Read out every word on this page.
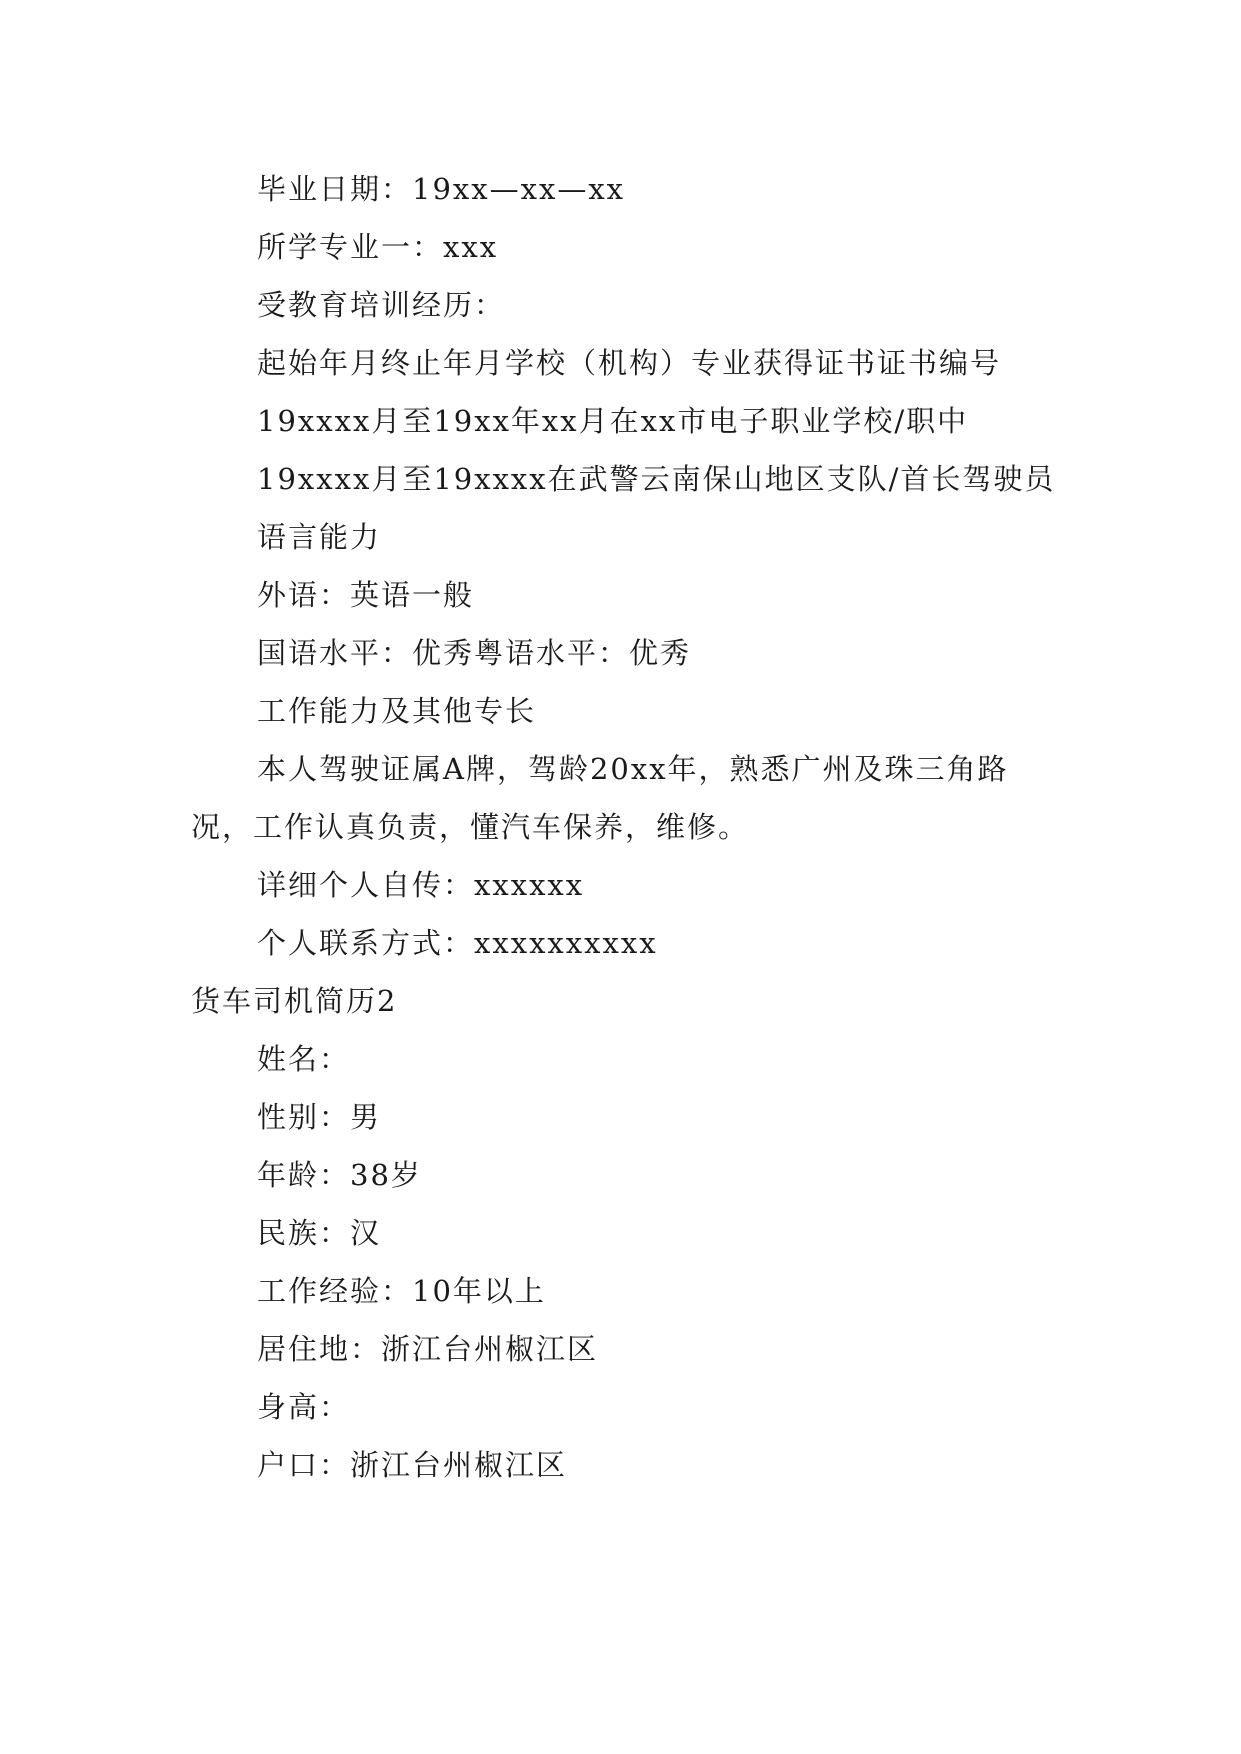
毕业日期：19xx—xx—xx

所学专业一：xxx

受教育培训经历：

起始年月终止年月学校（机构）专业获得证书证书编号

19xxxx月至19xx年xx月在xx市电子职业学校/职中

19xxxx月至19xxxx在武警云南保山地区支队/首长驾驶员

语言能力

外语：英语一般

国语水平：优秀粤语水平：优秀

工作能力及其他专长

本人驾驶证属A牌，驾龄20xx年，熟悉广州及珠三角路况，工作认真负责，懂汽车保养，维修。

详细个人自传：xxxxxx

个人联系方式：xxxxxxxxxx

货车司机简历2

姓名：

性别：男

年龄：38岁

民族：汉

工作经验：10年以上

居住地：浙江台州椒江区

身高：

户口：浙江台州椒江区
